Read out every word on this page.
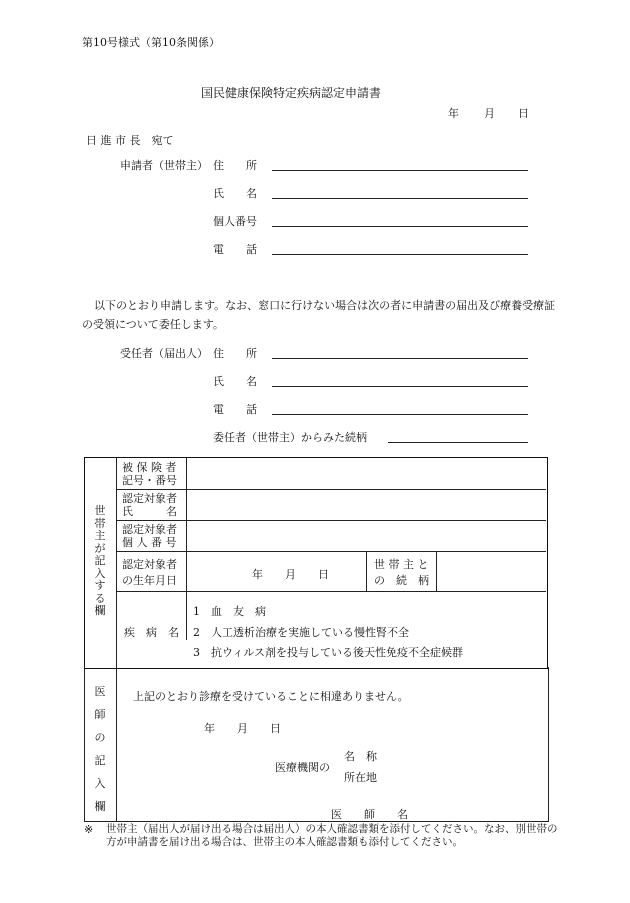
第10号様式（第10条関係）
国民健康保険特定疾病認定申請書
年 月 日
日 進 市 長　宛て
申請者（世帯主） 住　　所
氏　　名
個人番号
電　　話
以下のとおり申請します。なお、窓口に行けない場合は次の者に申請書の届出及び療養受療証の受領について委任します。
受任者（届出人） 住　　所
氏　　名
電　　話
委任者（世帯主）からみた続柄
世帯主が記入する欄
被 保 険 者
記号・番号
認定対象者
氏　　　名
認定対象者
個 人 番 号
認定対象者
の生年月日	年　　月　　日
世 帯 主 と
の　続　柄
疾　病　名
1　血　友　病
2　人工透析治療を実施している慢性腎不全
3　抗ウィルス剤を投与している後天性免疫不全症候群
医師の記入欄
上記のとおり診療を受けていることに相違ありません。
年　　月　　日
医療機関の
名　称
所在地
医　　師　　名
※ 世帯主（届出人が届け出る場合は届出人）の本人確認書類を添付してください。なお、別世帯の方が申請書を届け出る場合は、世帯主の本人確認書類も添付してください。
